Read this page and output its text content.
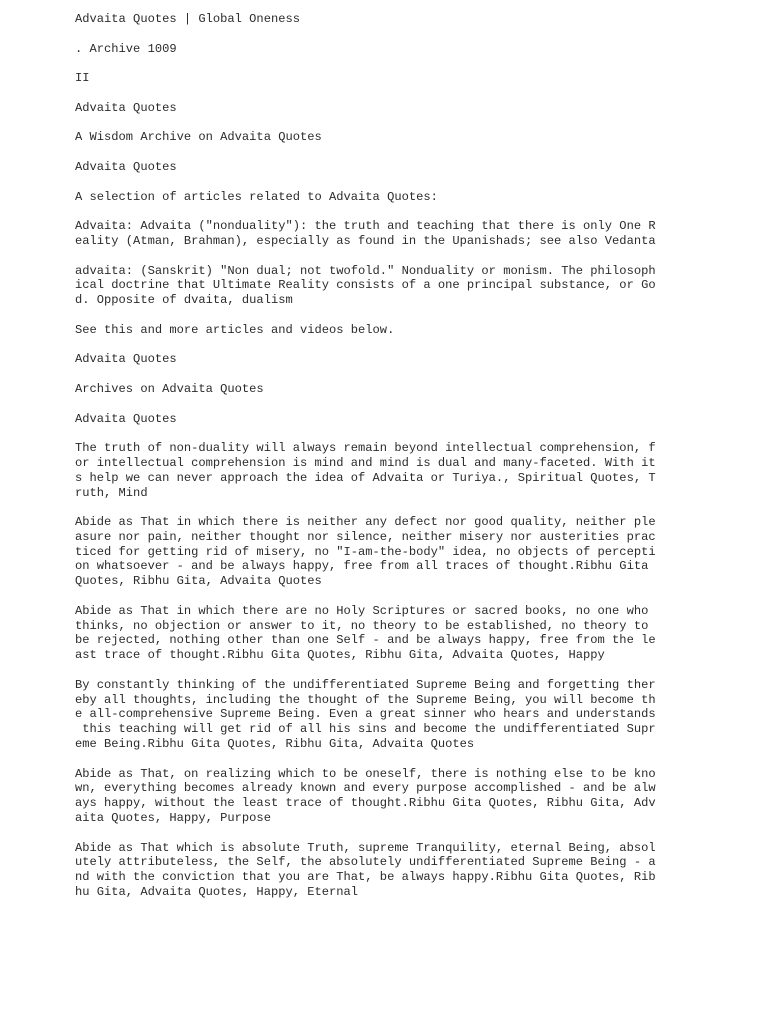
Advaita Quotes | Global Oneness
. Archive 1009
II
Advaita Quotes
A Wisdom Archive on Advaita Quotes
Advaita Quotes
A selection of articles related to Advaita Quotes:
Advaita: Advaita ("nonduality"): the truth and teaching that there is only One R
eality (Atman, Brahman), especially as found in the Upanishads; see also Vedanta
advaita: (Sanskrit) "Non dual; not twofold." Nonduality or monism. The philosoph
ical doctrine that Ultimate Reality consists of a one principal substance, or Go
d. Opposite of dvaita, dualism
See this and more articles and videos below.
Advaita Quotes
Archives on Advaita Quotes
Advaita Quotes
The truth of non-duality will always remain beyond intellectual comprehension, f
or intellectual comprehension is mind and mind is dual and many-faceted. With it
s help we can never approach the idea of Advaita or Turiya., Spiritual Quotes, T
ruth, Mind
Abide as That in which there is neither any defect nor good quality, neither ple
asure nor pain, neither thought nor silence, neither misery nor austerities prac
ticed for getting rid of misery, no "I-am-the-body" idea, no objects of percepti
on whatsoever - and be always happy, free from all traces of thought.Ribhu Gita
Quotes, Ribhu Gita, Advaita Quotes
Abide as That in which there are no Holy Scriptures or sacred books, no one who
thinks, no objection or answer to it, no theory to be established, no theory to
be rejected, nothing other than one Self - and be always happy, free from the le
ast trace of thought.Ribhu Gita Quotes, Ribhu Gita, Advaita Quotes, Happy
By constantly thinking of the undifferentiated Supreme Being and forgetting ther
eby all thoughts, including the thought of the Supreme Being, you will become th
e all-comprehensive Supreme Being. Even a great sinner who hears and understands
this teaching will get rid of all his sins and become the undifferentiated Supr
eme Being.Ribhu Gita Quotes, Ribhu Gita, Advaita Quotes
Abide as That, on realizing which to be oneself, there is nothing else to be kno
wn, everything becomes already known and every purpose accomplished - and be alw
ays happy, without the least trace of thought.Ribhu Gita Quotes, Ribhu Gita, Adv
aita Quotes, Happy, Purpose
Abide as That which is absolute Truth, supreme Tranquility, eternal Being, absol
utely attributeless, the Self, the absolutely undifferentiated Supreme Being - a
nd with the conviction that you are That, be always happy.Ribhu Gita Quotes, Rib
hu Gita, Advaita Quotes, Happy, Eternal
